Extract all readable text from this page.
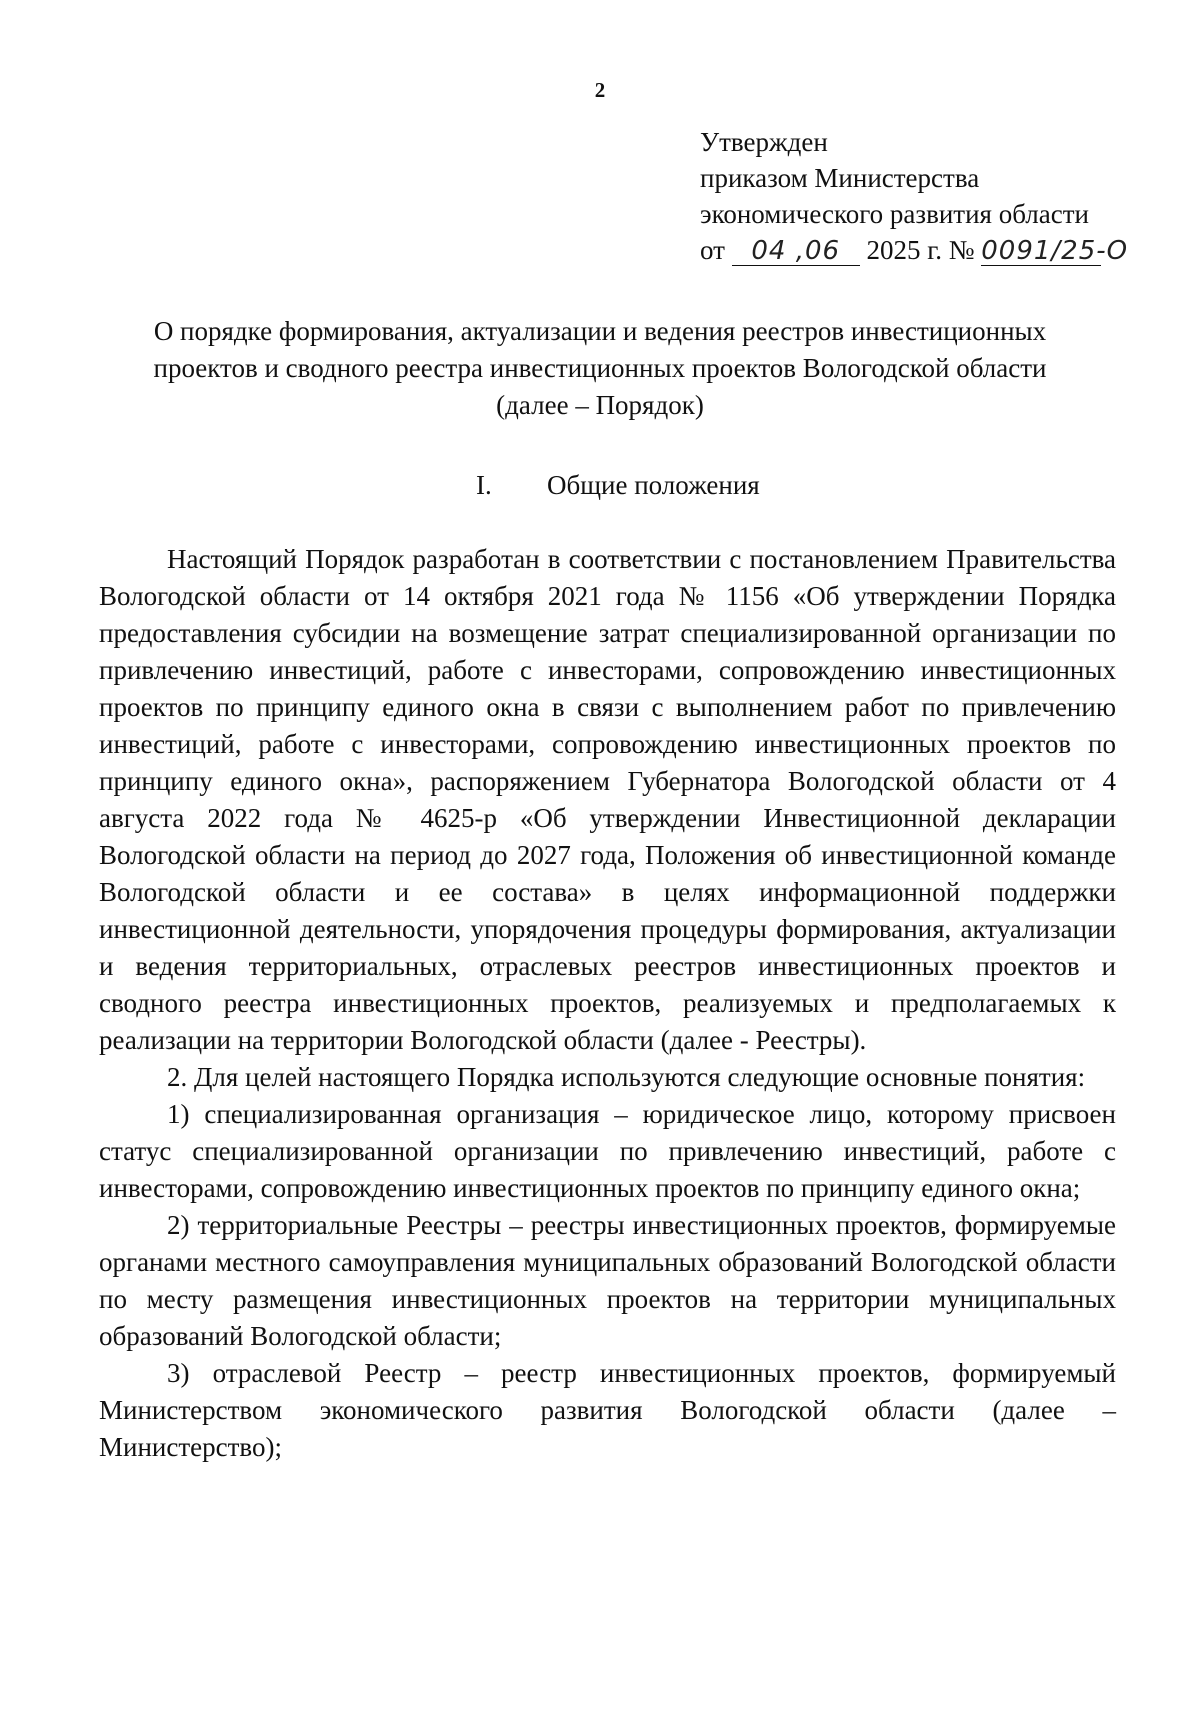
2
Утвержден
приказом Министерства
экономического развития области
от 04 ,06 2025 г. № 0091/25-О
О порядке формирования, актуализации и ведения реестров инвестиционных
проектов и сводного реестра инвестиционных проектов Вологодской области
(далее – Порядок)
I. Общие положения

Настоящий Порядок разработан в соответствии с постановлением Правительства Вологодской области от 14 октября 2021 года № 1156 «Об утверждении Порядка предоставления субсидии на возмещение затрат специализированной организации по привлечению инвестиций, работе с инвесторами, сопровождению инвестиционных проектов по принципу единого окна в связи с выполнением работ по привлечению инвестиций, работе с инвесторами, сопровождению инвестиционных проектов по принципу единого окна», распоряжением Губернатора Вологодской области от 4 августа 2022 года № 4625-р «Об утверждении Инвестиционной декларации Вологодской области на период до 2027 года, Положения об инвестиционной команде Вологодской области и ее состава» в целях информационной поддержки инвестиционной деятельности, упорядочения процедуры формирования, актуализации и ведения территориальных, отраслевых реестров инвестиционных проектов и сводного реестра инвестиционных проектов, реализуемых и предполагаемых к реализации на территории Вологодской области (далее - Реестры).

2. Для целей настоящего Порядка используются следующие основные понятия:

1) специализированная организация – юридическое лицо, которому присвоен статус специализированной организации по привлечению инвестиций, работе с инвесторами, сопровождению инвестиционных проектов по принципу единого окна;

2) территориальные Реестры – реестры инвестиционных проектов, формируемые органами местного самоуправления муниципальных образований Вологодской области по месту размещения инвестиционных проектов на территории муниципальных образований Вологодской области;

3) отраслевой Реестр – реестр инвестиционных проектов, формируемый Министерством экономического развития Вологодской области (далее – Министерство);
